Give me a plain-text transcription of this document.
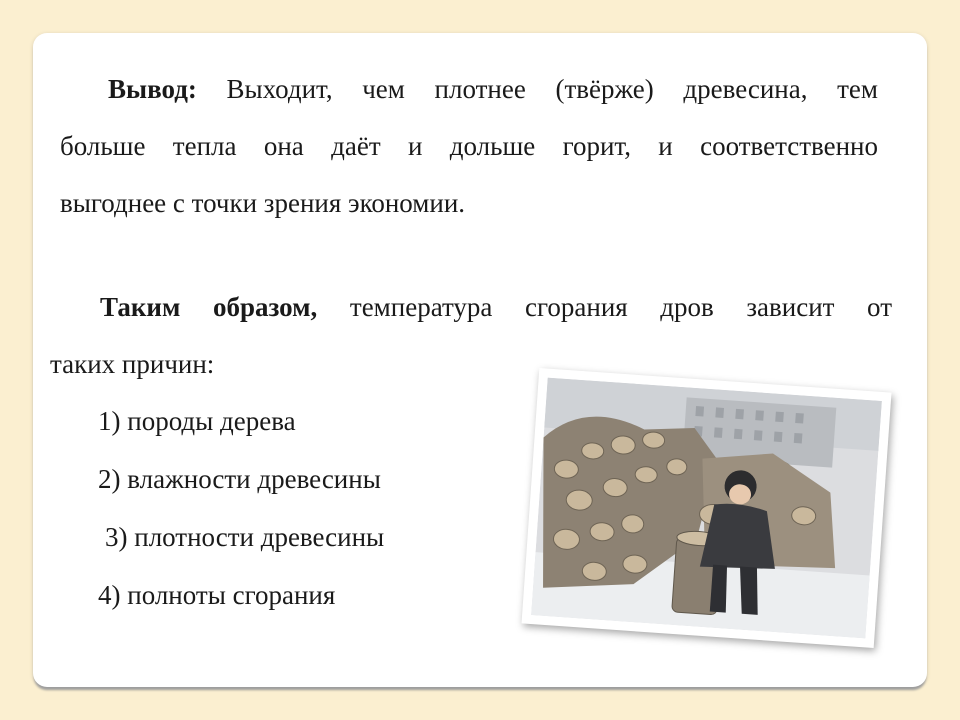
Вывод: Выходит, чем плотнее (твёрже) древесина, тем
больше тепла она даёт и дольше горит, и соответственно
выгоднее с точки зрения экономии.
Таким образом, температура сгорания дров зависит от
таких причин:
1) породы дерева
2) влажности древесины
3) плотности древесины
4) полноты сгорания
